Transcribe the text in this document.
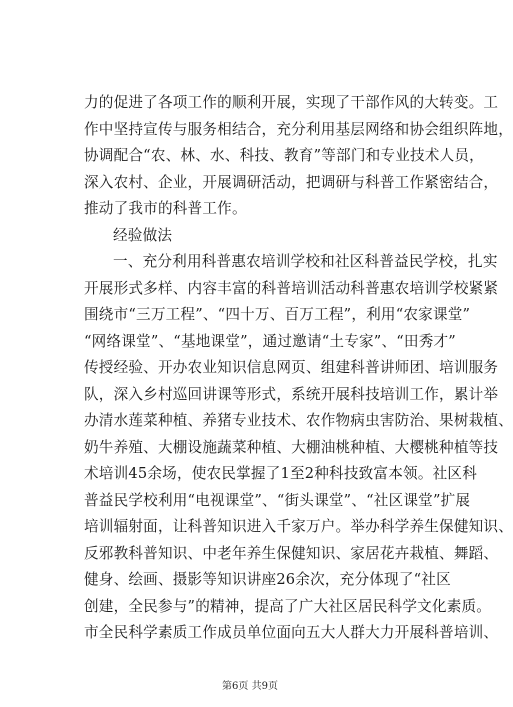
力的促进了各项工作的顺利开展，实现了干部作风的大转变。工
作中坚持宣传与服务相结合，充分利用基层网络和协会组织阵地，
协调配合“农、林、水、科技、教育”等部门和专业技术人员，
深入农村、企业，开展调研活动，把调研与科普工作紧密结合，
推动了我市的科普工作。
经验做法
一、充分利用科普惠农培训学校和社区科普益民学校，扎实
开展形式多样、内容丰富的科普培训活动科普惠农培训学校紧紧
围绕市“三万工程”、“四十万、百万工程”，利用“农家课堂”
“网络课堂”、“基地课堂”，通过邀请“土专家”、“田秀才”
传授经验、开办农业知识信息网页、组建科普讲师团、培训服务
队，深入乡村巡回讲课等形式，系统开展科技培训工作，累计举
办清水莲菜种植、养猪专业技术、农作物病虫害防治、果树栽植、
奶牛养殖、大棚设施蔬菜种植、大棚油桃种植、大樱桃种植等技
术培训45余场，使农民掌握了1至2种科技致富本领。社区科
普益民学校利用“电视课堂”、“街头课堂”、“社区课堂”扩展
培训辐射面，让科普知识进入千家万户。举办科学养生保健知识、
反邪教科普知识、中老年养生保健知识、家居花卉栽植、舞蹈、
健身、绘画、摄影等知识讲座26余次，充分体现了“社区
创建，全民参与”的精神，提高了广大社区居民科学文化素质。
市全民科学素质工作成员单位面向五大人群大力开展科普培训、
第6页 共9页
